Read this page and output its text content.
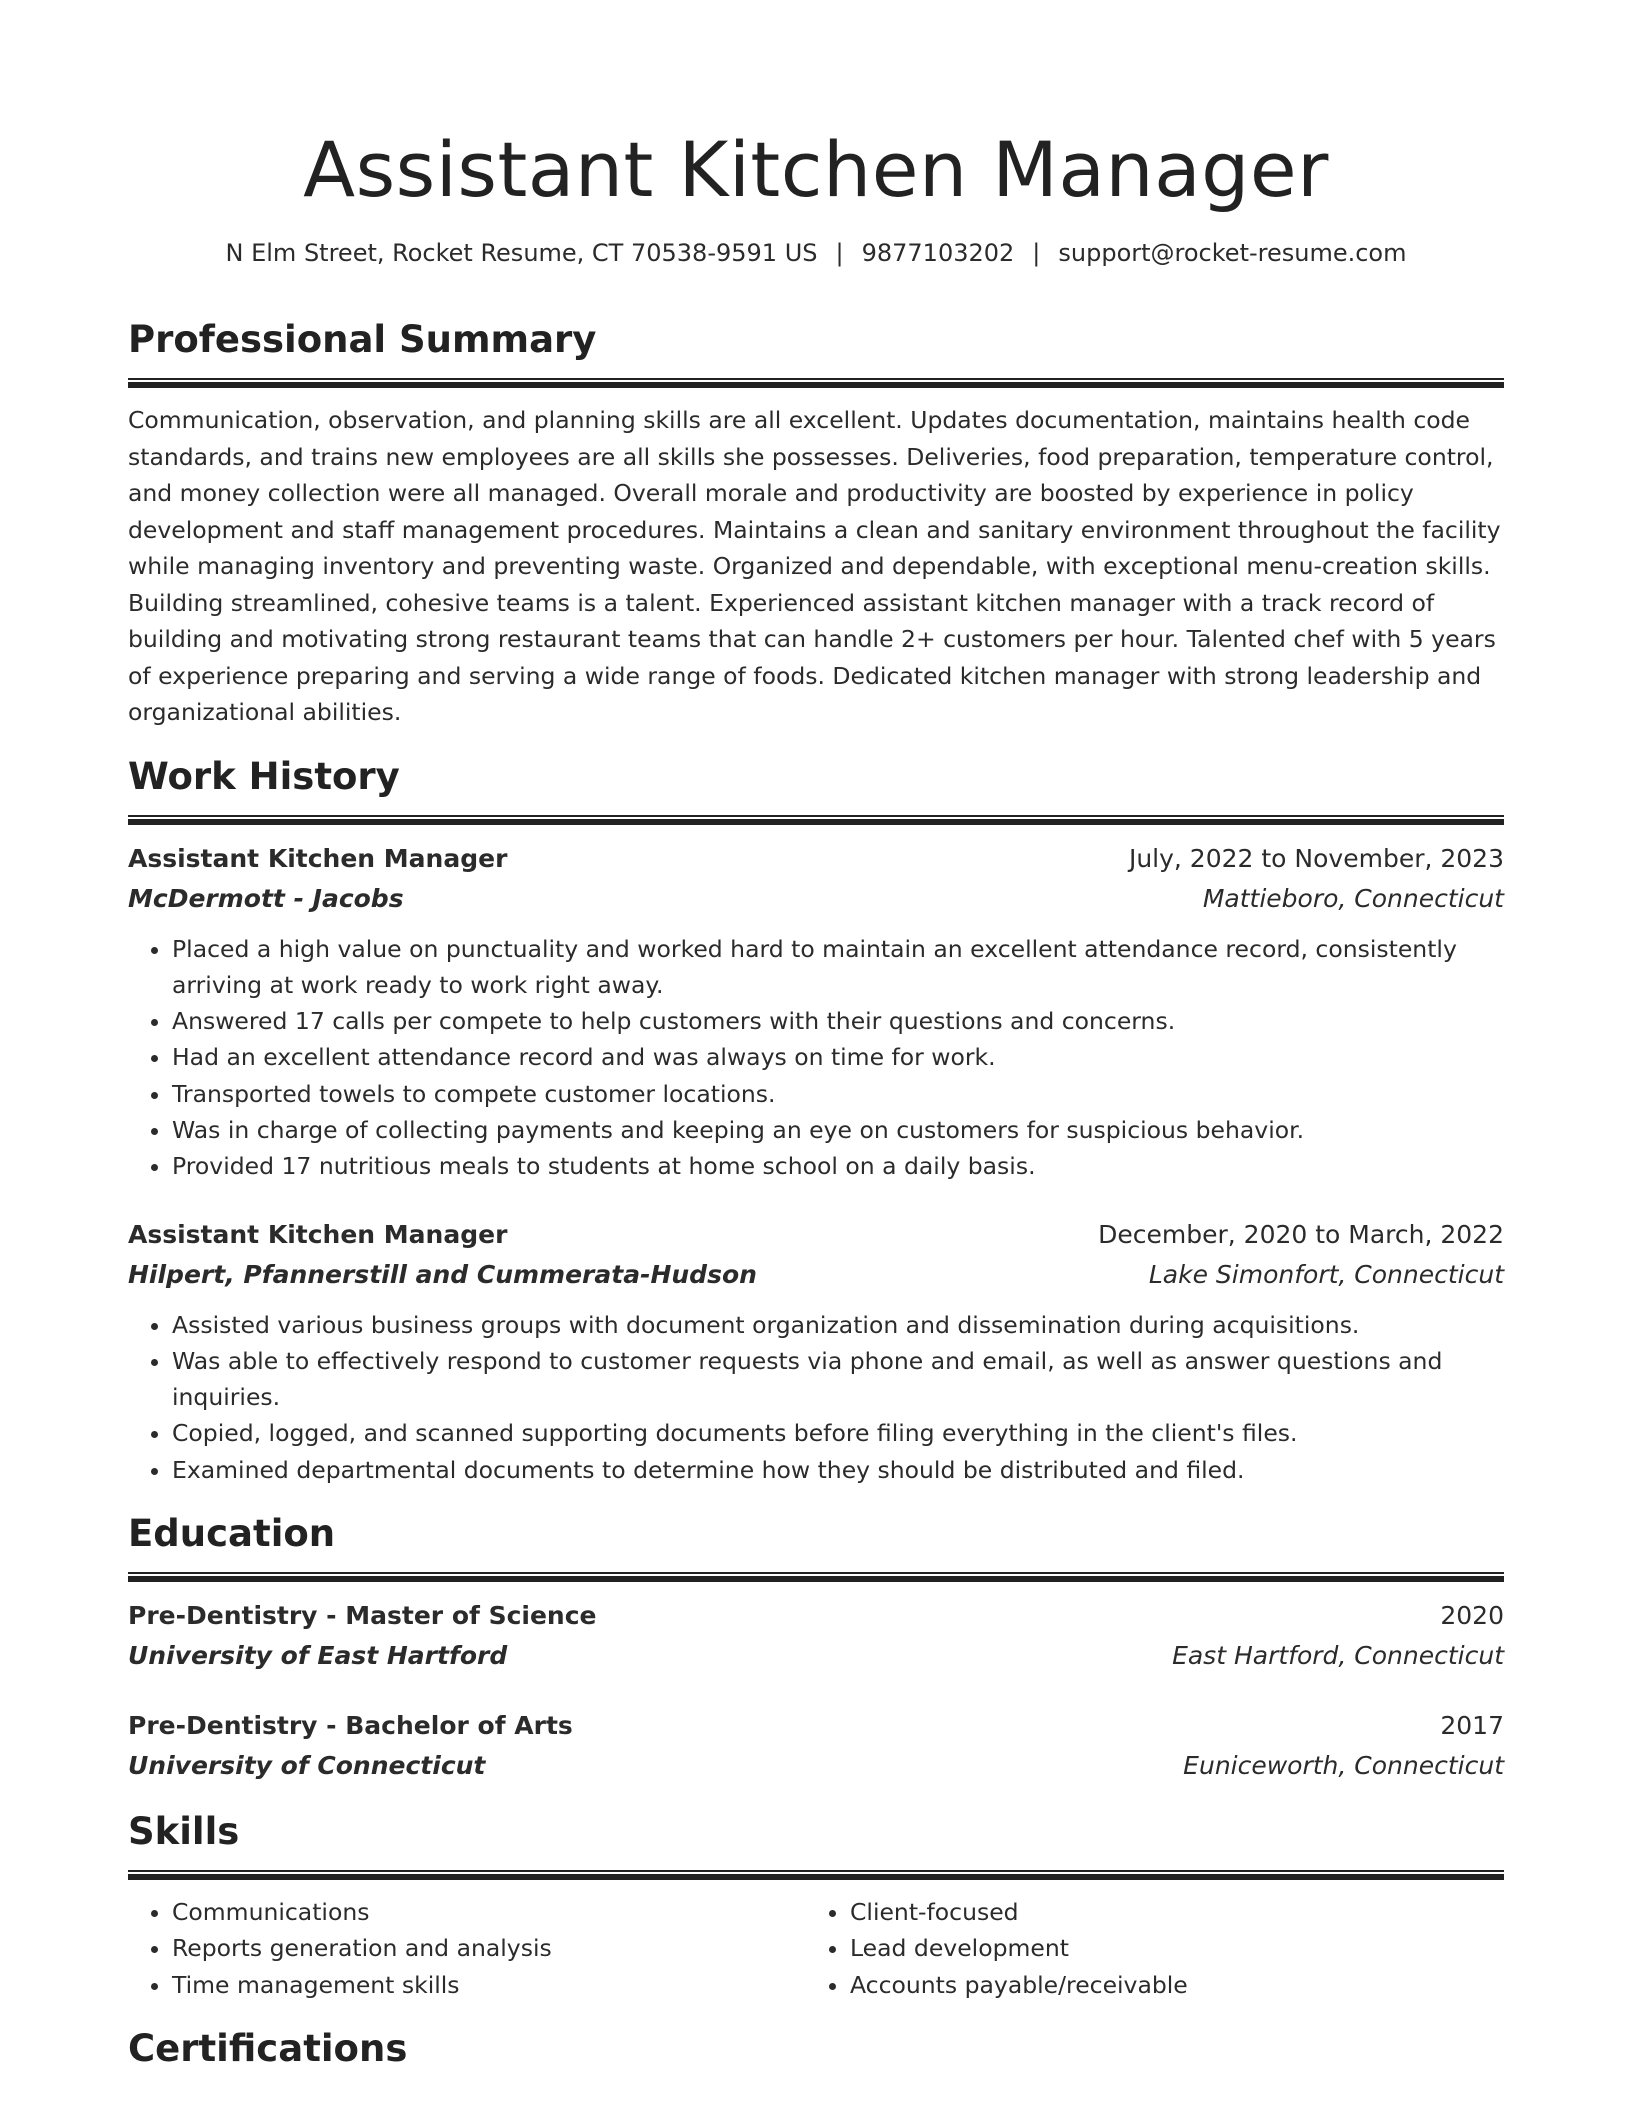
Assistant Kitchen Manager
N Elm Street, Rocket Resume, CT 70538-9591 US | 9877103202 | support@rocket-resume.com
Professional Summary

Communication, observation, and planning skills are all excellent. Updates documentation, maintains health code standards, and trains new employees are all skills she possesses. Deliveries, food preparation, temperature control, and money collection were all managed. Overall morale and productivity are boosted by experience in policy development and staff management procedures. Maintains a clean and sanitary environment throughout the facility while managing inventory and preventing waste. Organized and dependable, with exceptional menu-creation skills. Building streamlined, cohesive teams is a talent. Experienced assistant kitchen manager with a track record of building and motivating strong restaurant teams that can handle 2+ customers per hour. Talented chef with 5 years of experience preparing and serving a wide range of foods. Dedicated kitchen manager with strong leadership and organizational abilities.

Work History
Assistant Kitchen Manager	July, 2022 to November, 2023
McDermott - Jacobs	Mattieboro, Connecticut
• Placed a high value on punctuality and worked hard to maintain an excellent attendance record, consistently arriving at work ready to work right away.
• Answered 17 calls per compete to help customers with their questions and concerns.
• Had an excellent attendance record and was always on time for work.
• Transported towels to compete customer locations.
• Was in charge of collecting payments and keeping an eye on customers for suspicious behavior.
• Provided 17 nutritious meals to students at home school on a daily basis.
Assistant Kitchen Manager	December, 2020 to March, 2022
Hilpert, Pfannerstill and Cummerata-Hudson	Lake Simonfort, Connecticut
• Assisted various business groups with document organization and dissemination during acquisitions.
• Was able to effectively respond to customer requests via phone and email, as well as answer questions and inquiries.
• Copied, logged, and scanned supporting documents before filing everything in the client's files.
• Examined departmental documents to determine how they should be distributed and filed.
Education
Pre-Dentistry - Master of Science	2020
University of East Hartford	East Hartford, Connecticut
Pre-Dentistry - Bachelor of Arts	2017
University of Connecticut	Euniceworth, Connecticut
Skills
• Communications
• Reports generation and analysis
• Time management skills
• Client-focused
• Lead development
• Accounts payable/receivable
Certifications
